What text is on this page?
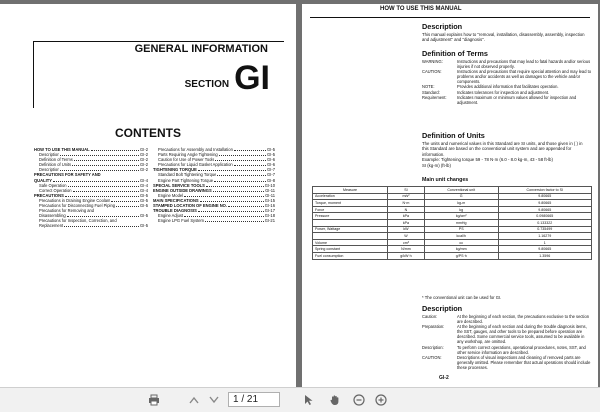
GENERAL INFORMATION
SECTION GI
CONTENTS
HOW TO USE THIS MANUAL	GI-2
Description	GI-2
Definition of Terms	GI-2
Definition of Units	GI-2
Description	GI-2
PRECAUTIONS FOR SAFETY AND
QUALITY	GI-4
Safe Operation	GI-4
Correct Operation	GI-4
PRECAUTIONS	GI-5
Precautions in Draining Engine Coolant	GI-5
Precautions for Disconnecting Fuel Piping	GI-5
Precautions for Removing and
Disassembling	GI-5
Precautions for Inspection, Correction, and
Replacement	GI-5
Precautions for Assembly and Installation	GI-5
Parts Requiring Angle Tightening	GI-5
Caution for Use of Power Tools	GI-6
Precautions for Liquid Gasket Application	GI-6
TIGHTENING TORQUE	GI-7
Standard Bolt Tightening Torque	GI-7
Engine Part Tightening Torque	GI-8
SPECIAL SERVICE TOOLS	GI-10
ENGINE OUTSIDE DRAWINGS	GI-11
Engine Model	GI-11
MAIN SPECIFICATIONS	GI-15
STAMPED LOCATION OF ENGINE NO.	GI-16
TROUBLE DIAGNOSIS	GI-17
Engine Adjust	GI-18
Engine LPG Fuel System	GI-21
HOW TO USE THIS MANUAL
Description
This manual explains how to "removal, installation, disassembly, assembly, inspection and adjustment" and "diagnosis".
Definition of Terms
WARNING:	Instructions and precautions that may lead to fatal hazards and/or serious injuries if not observed properly.
CAUTION:	Instructions and precautions that require special attention and may lead to problems and/or accidents as well as damages to the vehicle and/or components.
NOTE:	Provides additional information that facilitates operation.
Standard:	Indicates tolerances for inspection and adjustment.
Requirement:	Indicates maximum or minimum values allowed for inspection and adjustment.
Definition of Units
The units and numerical values in this Standard are SI units, and those given in ( ) in this Standard are based on the conventional unit system and are appended for information.
Example: Tightening torque 59 - 78 N·m (6.0 - 8.0 kg-m, 43 - 58 ft-lb)
SI (kg-m) (ft-lb)
Main unit changes
Measure	SI	Conventional unit	Conversion factor to SI
Acceleration	m/s²	G	9.80665
Torque, moment	N·m	kg-m	9.80665
Force	N	kg	9.80665
Pressure	kPa	kg/cm²	0.0980665
	kPa	mmHg	0.133322
Power, Wattage	kW	PS	0.735499
	W	kcal/h	1.16279
Volume	cm³	cc	1
Spring constant	N/mm	kg/mm	9.80665
Fuel consumption	g/kW·h	g/PS·h	1.3596
* The conventional unit can be used for GI.
Description
Caution:	At the beginning of each section, the precautions exclusive to the section are described.
Preparation:	At the beginning of each section and during the trouble diagnosis items, the SST, gauges, and other tools to be prepared before operation are described. Some commercial service tools, assumed to be available in any workshop, are omitted.
Description:	To perform correct operations, operational procedures, notes, SST, and other service information are described.
CAUTION:	Descriptions of visual inspections and cleaning of removed parts are generally omitted. Please remember that actual operations should include these processes.
GI-2
1
/ 21
